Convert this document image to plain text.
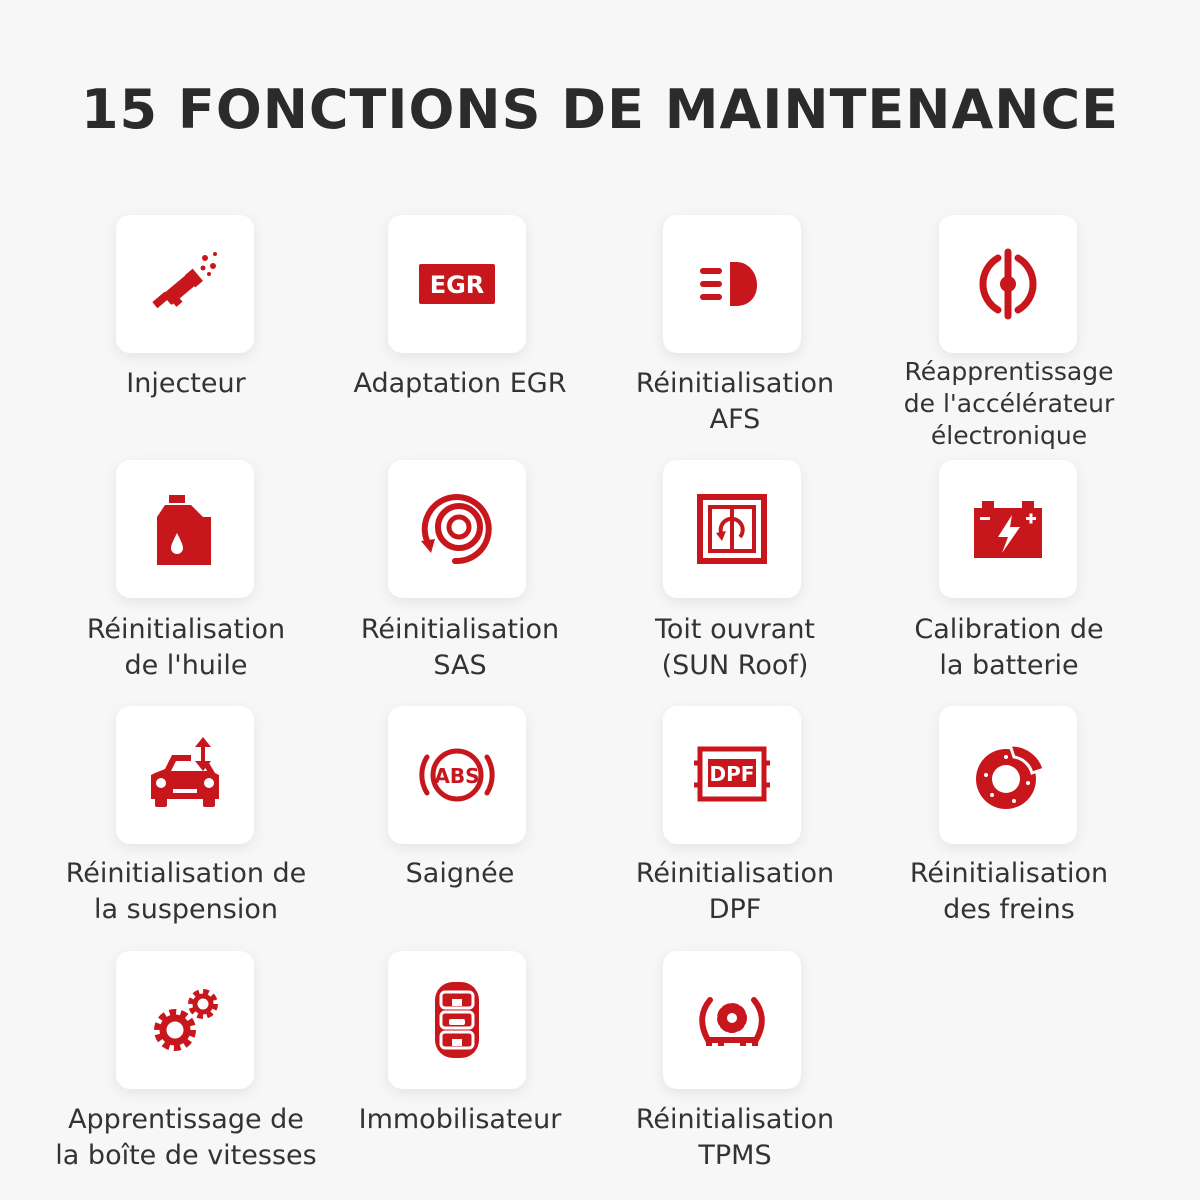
15 FONCTIONS DE MAINTENANCE
Injecteur
EGR
Adaptation EGR	Réinitialisation
AFS
Réapprentissage
de l'accélérateur
électronique
Réinitialisation
de l'huile
Réinitialisation
SAS
Toit ouvrant
(SUN Roof)
Calibration de
la batterie
Réinitialisation de
la suspension
ABS
Saignée
DPF
Réinitialisation
DPF
Réinitialisation
des freins
Apprentissage de
la boîte de vitesses
Immobilisateur	Réinitialisation
TPMS
